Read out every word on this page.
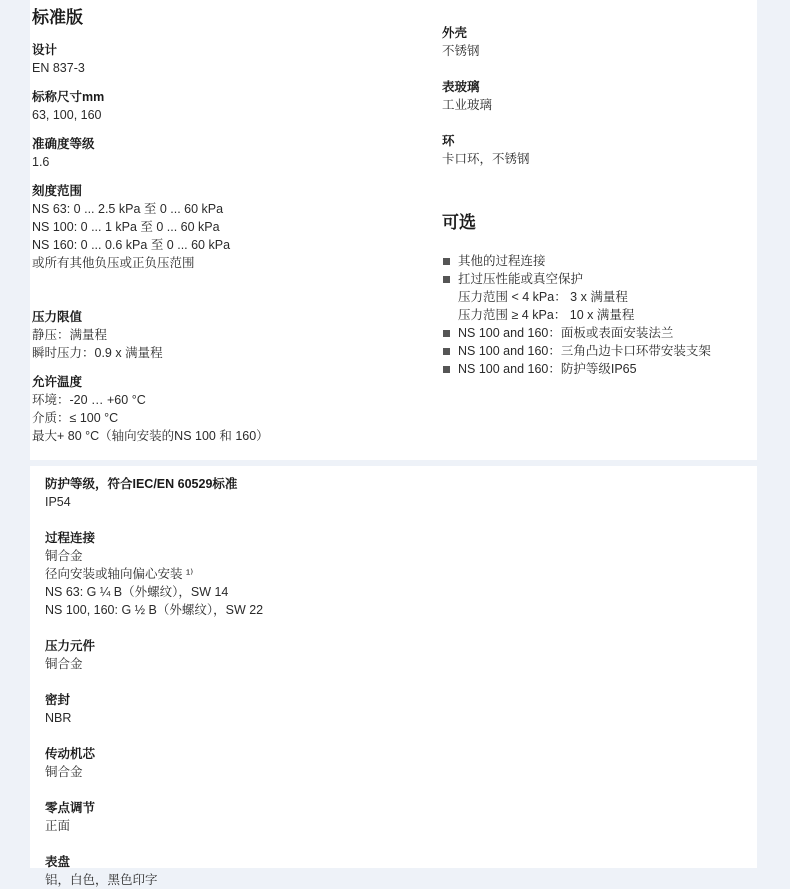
标准版
设计
EN 837-3
标称尺寸mm
63, 100, 160
准确度等级
1.6
刻度范围
NS 63: 0 ... 2.5 kPa 至 0 ... 60 kPa
NS 100: 0 ... 1 kPa 至 0 ... 60 kPa
NS 160: 0 ... 0.6 kPa 至 0 ... 60 kPa
或所有其他负压或正负压范围
压力限值
静压：满量程
瞬时压力：0.9 x 满量程
允许温度
环境：-20 … +60 °C
介质：≤ 100 °C
最大+ 80 °C（轴向安装的NS 100 和 160）
外壳
不锈钢
表玻璃
工业玻璃
环
卡口环，不锈钢
可选
其他的过程连接
扛过压性能或真空保护
压力范围 < 4 kPa： 3 x 满量程
压力范围 ≥ 4 kPa： 10 x 满量程
NS 100 and 160：面板或表面安装法兰
NS 100 and 160：三角凸边卡口环带安装支架
NS 100 and 160：防护等级IP65
防护等级，符合IEC/EN 60529标准
IP54
过程连接
铜合金
径向安装或轴向偏心安装 ¹⁾
NS 63: G ¼ B（外螺纹），SW 14
NS 100, 160: G ½ B（外螺纹），SW 22
压力元件
铜合金
密封
NBR
传动机芯
铜合金
零点调节
正面
表盘
铝，白色，黑色印字
